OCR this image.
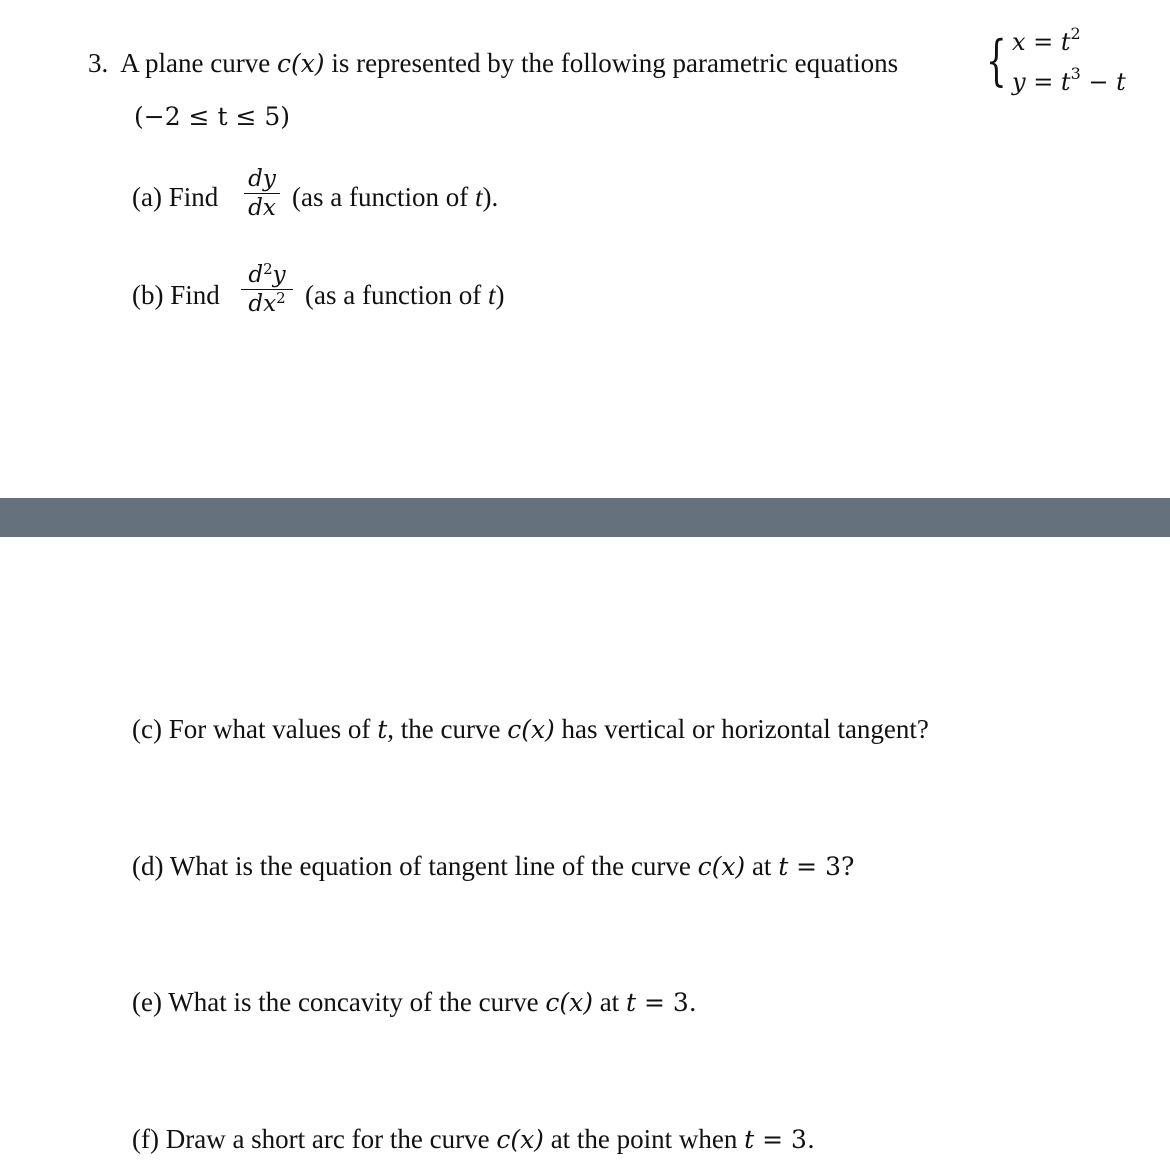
3. A plane curve c(x) is represented by the following parametric equations { $x = t^2$
$y = t^3 - t$
(−2 ≤ t ≤ 5)
(a) Find
dy
dx (as a function of t).
(b) Find
$d^2y$
$dx^2$ (as a function of t)
(c) For what values of t, the curve c(x) has vertical or horizontal tangent?
(d) What is the equation of tangent line of the curve c(x) at t = 3?
(e) What is the concavity of the curve c(x) at t = 3.
(f) Draw a short arc for the curve c(x) at the point when t = 3.
